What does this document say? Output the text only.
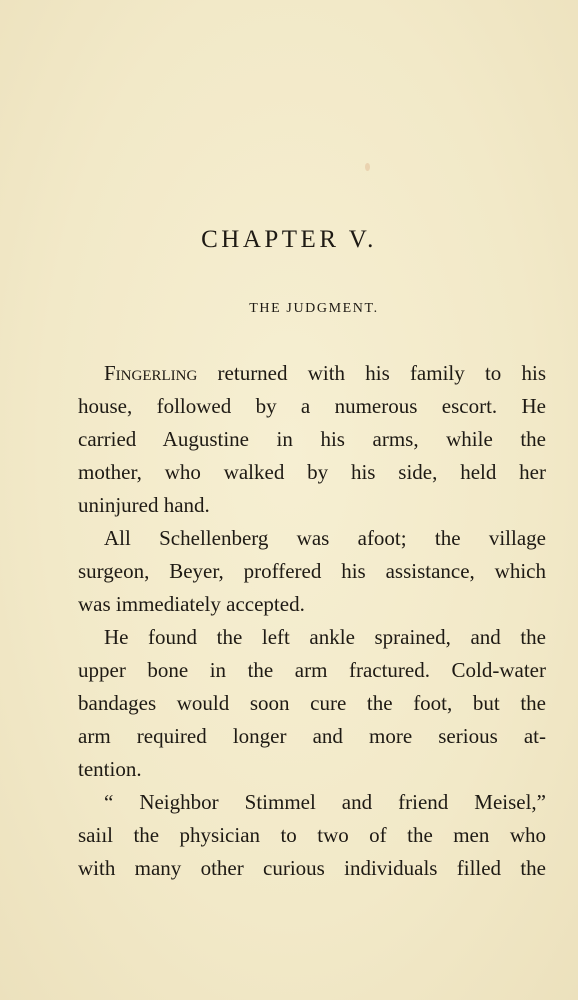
CHAPTER V.
THE JUDGMENT.
Fingerling returned with his family to his
house, followed by a numerous escort. He
carried Augustine in his arms, while the
mother, who walked by his side, held her
uninjured hand.
All Schellenberg was afoot; the village
surgeon, Beyer, proffered his assistance, which
was immediately accepted.
He found the left ankle sprained, and the
upper bone in the arm fractured. Cold-water
bandages would soon cure the foot, but the
arm required longer and more serious at-
tention.
“ Neighbor Stimmel and friend Meisel,”
saiıl the physician to two of the men who
with many other curious individuals filled the
